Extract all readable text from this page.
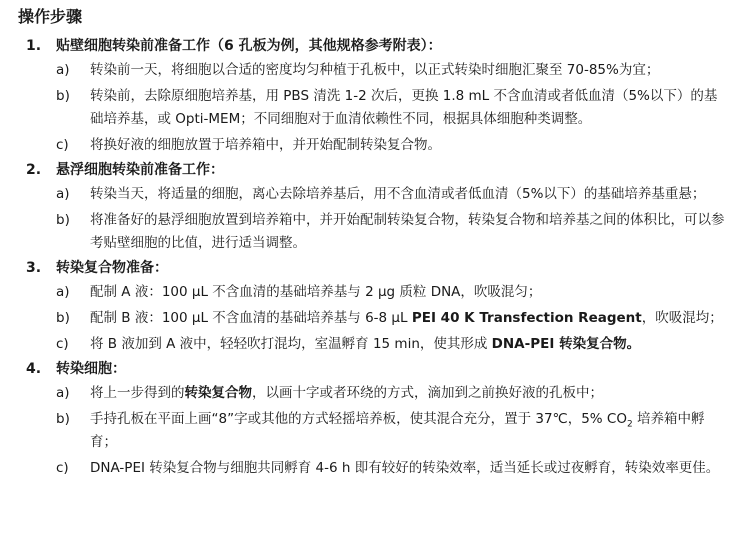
操作步骤
1.	贴壁细胞转染前准备工作（6 孔板为例，其他规格参考附表）：
a)	转染前一天，将细胞以合适的密度均匀种植于孔板中，以正式转染时细胞汇聚至 70-85%为宜；
b)	转染前，去除原细胞培养基，用 PBS 清洗 1-2 次后，更换 1.8 mL 不含血清或者低血清（5%以下）的基础培养基，或 Opti-MEM；不同细胞对于血清依赖性不同，根据具体细胞种类调整。
c)	将换好液的细胞放置于培养箱中，并开始配制转染复合物。
2.	悬浮细胞转染前准备工作：
a)	转染当天，将适量的细胞，离心去除培养基后，用不含血清或者低血清（5%以下）的基础培养基重悬；
b)	将准备好的悬浮细胞放置到培养箱中，并开始配制转染复合物，转染复合物和培养基之间的体积比，可以参考贴壁细胞的比值，进行适当调整。
3.	转染复合物准备：
a)	配制 A 液：100 µL 不含血清的基础培养基与 2 µg 质粒 DNA，吹吸混匀；
b)	配制 B 液：100 µL 不含血清的基础培养基与 6-8 µL PEI 40 K Transfection Reagent，吹吸混均；
c)	将 B 液加到 A 液中，轻轻吹打混均，室温孵育 15 min，使其形成 DNA-PEI 转染复合物。
4.	转染细胞：
a)	将上一步得到的转染复合物，以画十字或者环绕的方式，滴加到之前换好液的孔板中；
b)	手持孔板在平面上画“8”字或其他的方式轻摇培养板，使其混合充分，置于 37℃，5% $CO_2$ 培养箱中孵育；
c)	DNA-PEI 转染复合物与细胞共同孵育 4-6 h 即有较好的转染效率，适当延长或过夜孵育，转染效率更佳。
